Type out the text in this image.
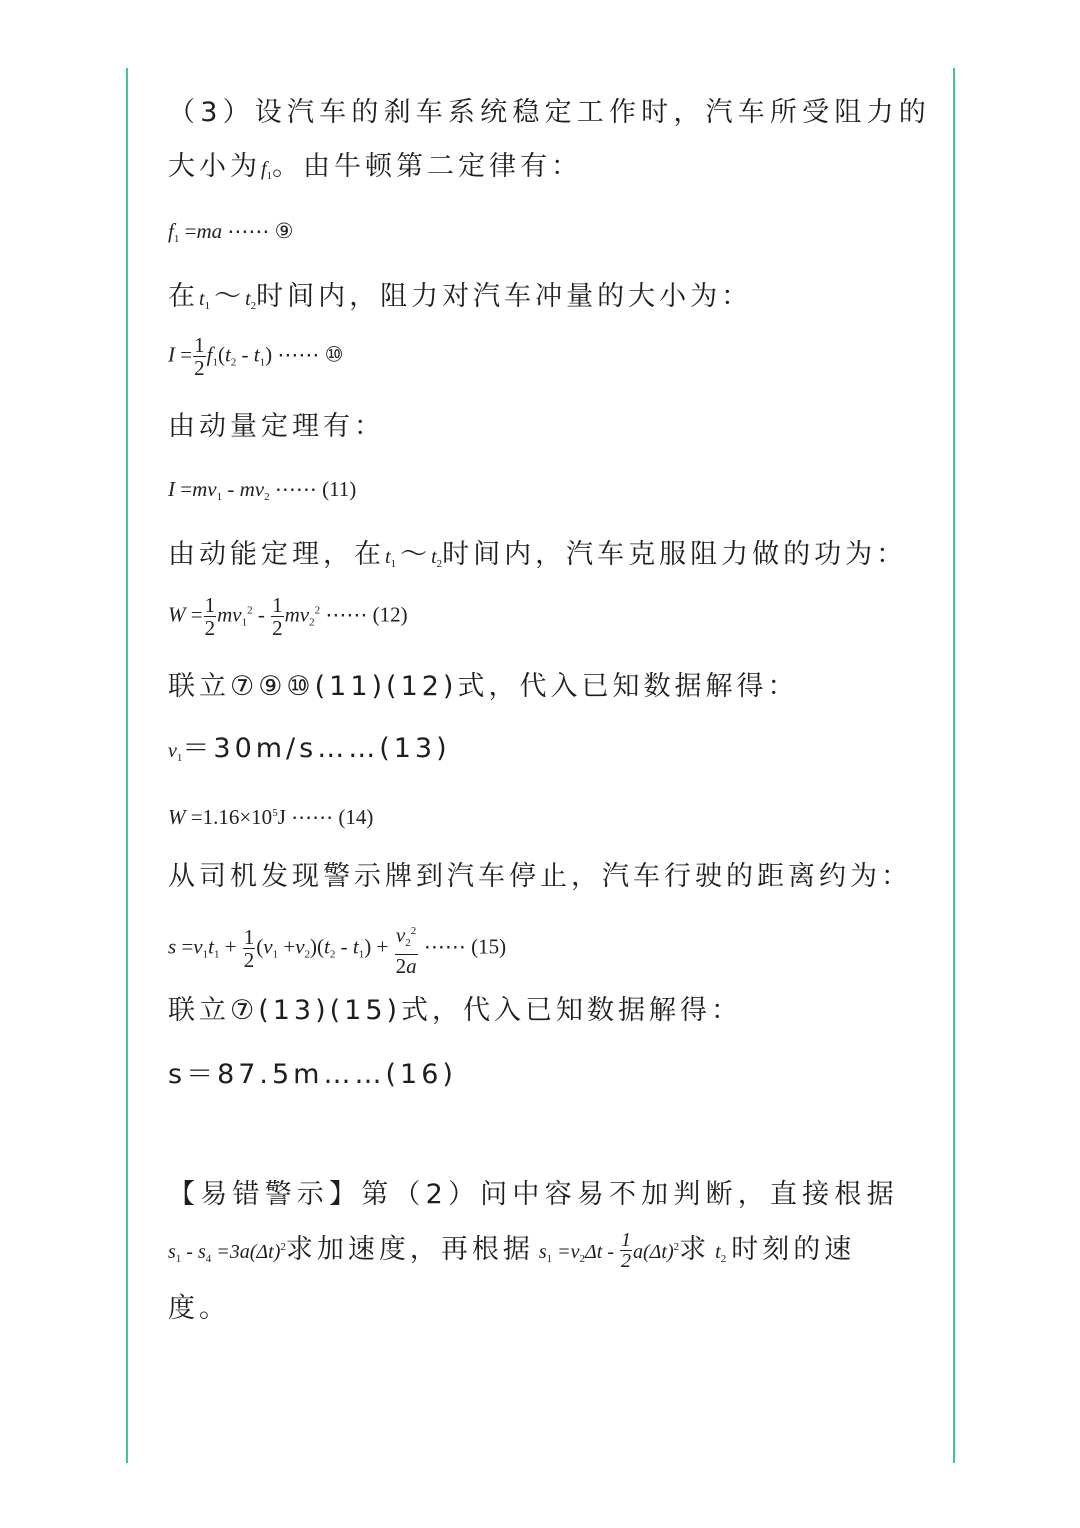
（3）设汽车的刹车系统稳定工作时，汽车所受阻力的
大小为$f_1$。由牛顿第二定律有：
$f_1 =ma$ ⋯⋯ ⑨
在$t_1$ ～ $t_2$时间内，阻力对汽车冲量的大小为：
$I = \frac{1}{2} f_1(t_2 - t_1)$ ⋯⋯ ⑩
由动量定理有：
$I =mv_1 - mv_2$ ⋯⋯ (11)
由动能定理，在$t_1$ ～ $t_2$时间内，汽车克服阻力做的功为：
$W = \frac{1}{2} mv_1^2 - \frac{1}{2} mv_2^2$ ⋯⋯ (12)
联立⑦⑨⑩(11)(12)式，代入已知数据解得：
$v_1=30m/s\dots\dots(13)$
$W =1.16\times 10^5J$ ⋯⋯ (14)
从司机发现警示牌到汽车停止，汽车行驶的距离约为：
$s =v_1t_1 + \frac{1}{2} (v_1 +v_2)(t_2 - t_1) + \frac{v_2^2}{2a}$ ⋯⋯ (15)
联立⑦(13)(15)式，代入已知数据解得：
s＝87.5m……(16)
【易错警示】第（2）问中容易不加判断，直接根据
$s_1 - s_4 =3a(\Delta t)^2$求加速度，再根据 $s_1 =v_2\Delta t - \frac{1}{2} a(\Delta t)^2$求 $t_2$ 时刻的速
度。
